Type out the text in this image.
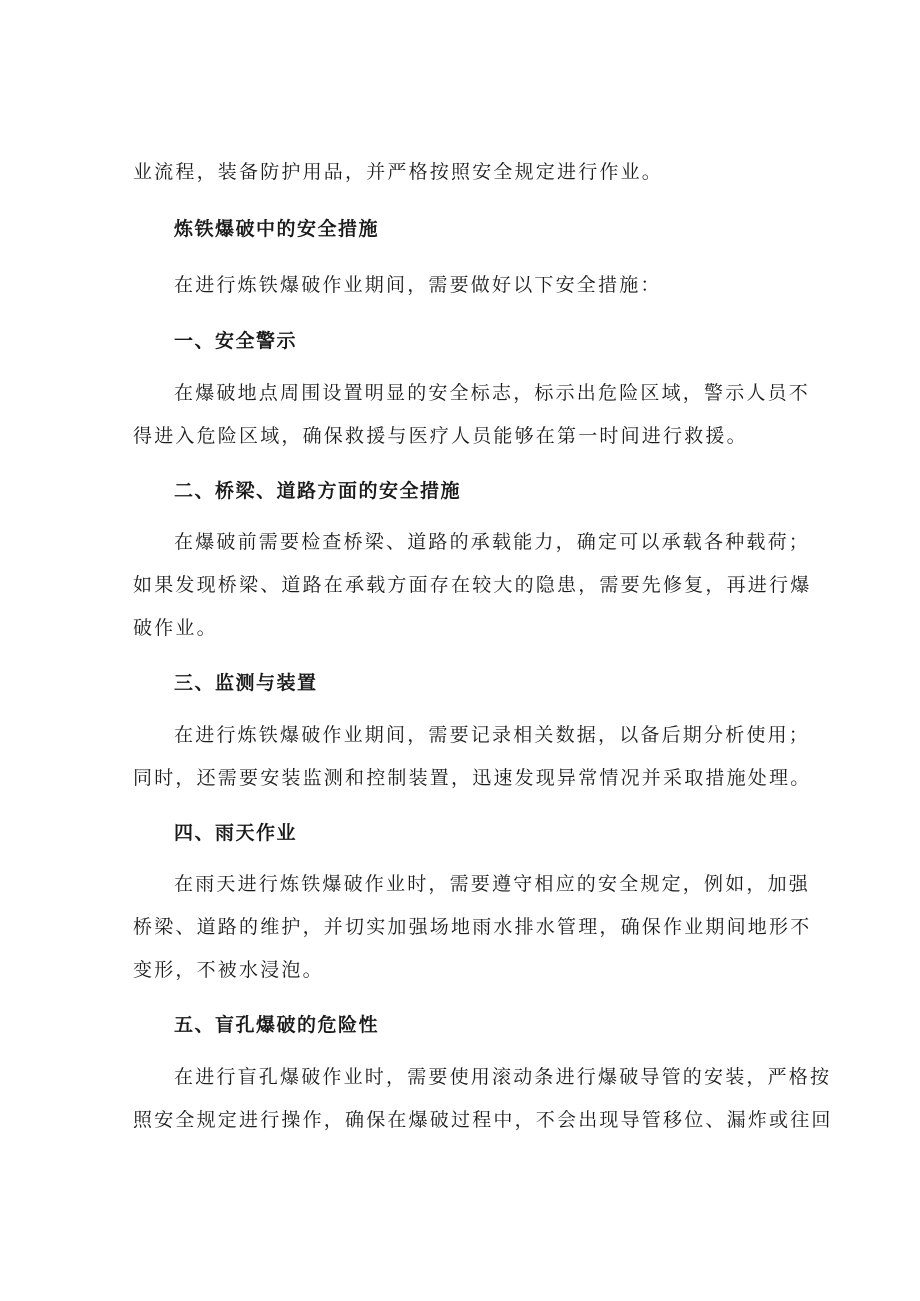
业流程，装备防护用品，并严格按照安全规定进行作业。
炼铁爆破中的安全措施
在进行炼铁爆破作业期间，需要做好以下安全措施：
一、安全警示
在爆破地点周围设置明显的安全标志，标示出危险区域，警示人员不
得进入危险区域，确保救援与医疗人员能够在第一时间进行救援。
二、桥梁、道路方面的安全措施
在爆破前需要检查桥梁、道路的承载能力，确定可以承载各种载荷；
如果发现桥梁、道路在承载方面存在较大的隐患，需要先修复，再进行爆
破作业。
三、监测与装置
在进行炼铁爆破作业期间，需要记录相关数据，以备后期分析使用；
同时，还需要安装监测和控制装置，迅速发现异常情况并采取措施处理。
四、雨天作业
在雨天进行炼铁爆破作业时，需要遵守相应的安全规定，例如，加强
桥梁、道路的维护，并切实加强场地雨水排水管理，确保作业期间地形不
变形，不被水浸泡。
五、盲孔爆破的危险性
在进行盲孔爆破作业时，需要使用滚动条进行爆破导管的安装，严格按
照安全规定进行操作，确保在爆破过程中，不会出现导管移位、漏炸或往回
